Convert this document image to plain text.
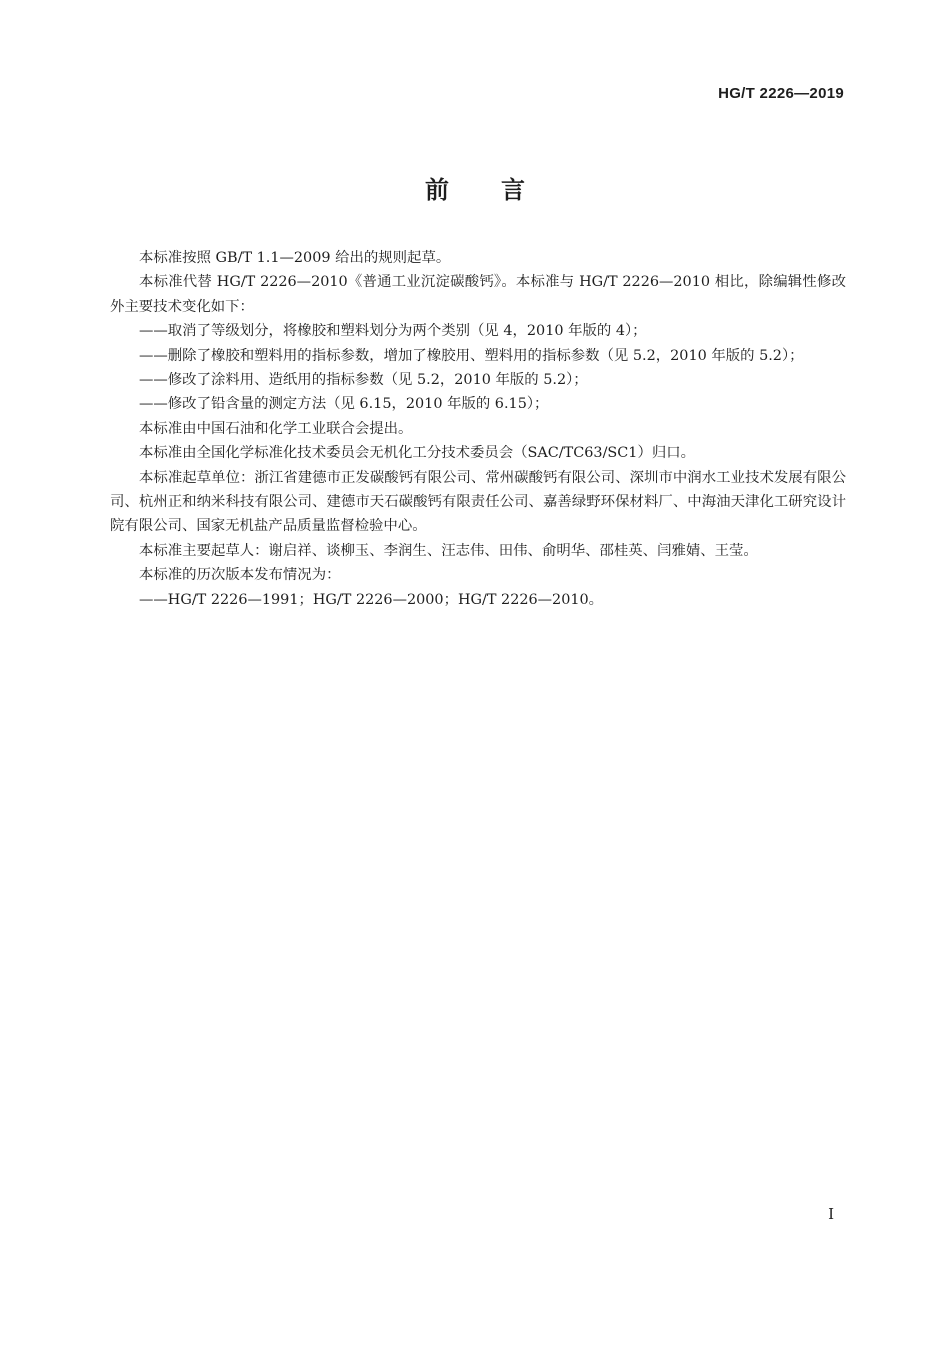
HG/T 2226—2019
前言

本标准按照 GB/T 1.1—2009 给出的规则起草。

本标准代替 HG/T 2226—2010《普通工业沉淀碳酸钙》。本标准与 HG/T 2226—2010 相比，除编辑性修改外主要技术变化如下：

——取消了等级划分，将橡胶和塑料划分为两个类别（见 4，2010 年版的 4）；

——删除了橡胶和塑料用的指标参数，增加了橡胶用、塑料用的指标参数（见 5.2，2010 年版的 5.2）；

——修改了涂料用、造纸用的指标参数（见 5.2，2010 年版的 5.2）；

——修改了铅含量的测定方法（见 6.15，2010 年版的 6.15）；

本标准由中国石油和化学工业联合会提出。

本标准由全国化学标准化技术委员会无机化工分技术委员会（SAC/TC63/SC1）归口。

本标准起草单位：浙江省建德市正发碳酸钙有限公司、常州碳酸钙有限公司、深圳市中润水工业技术发展有限公司、杭州正和纳米科技有限公司、建德市天石碳酸钙有限责任公司、嘉善绿野环保材料厂、中海油天津化工研究设计院有限公司、国家无机盐产品质量监督检验中心。

本标准主要起草人：谢启祥、谈柳玉、李润生、汪志伟、田伟、俞明华、邵桂英、闫雅婧、王莹。

本标准的历次版本发布情况为：

——HG/T 2226—1991；HG/T 2226—2000；HG/T 2226—2010。

I
